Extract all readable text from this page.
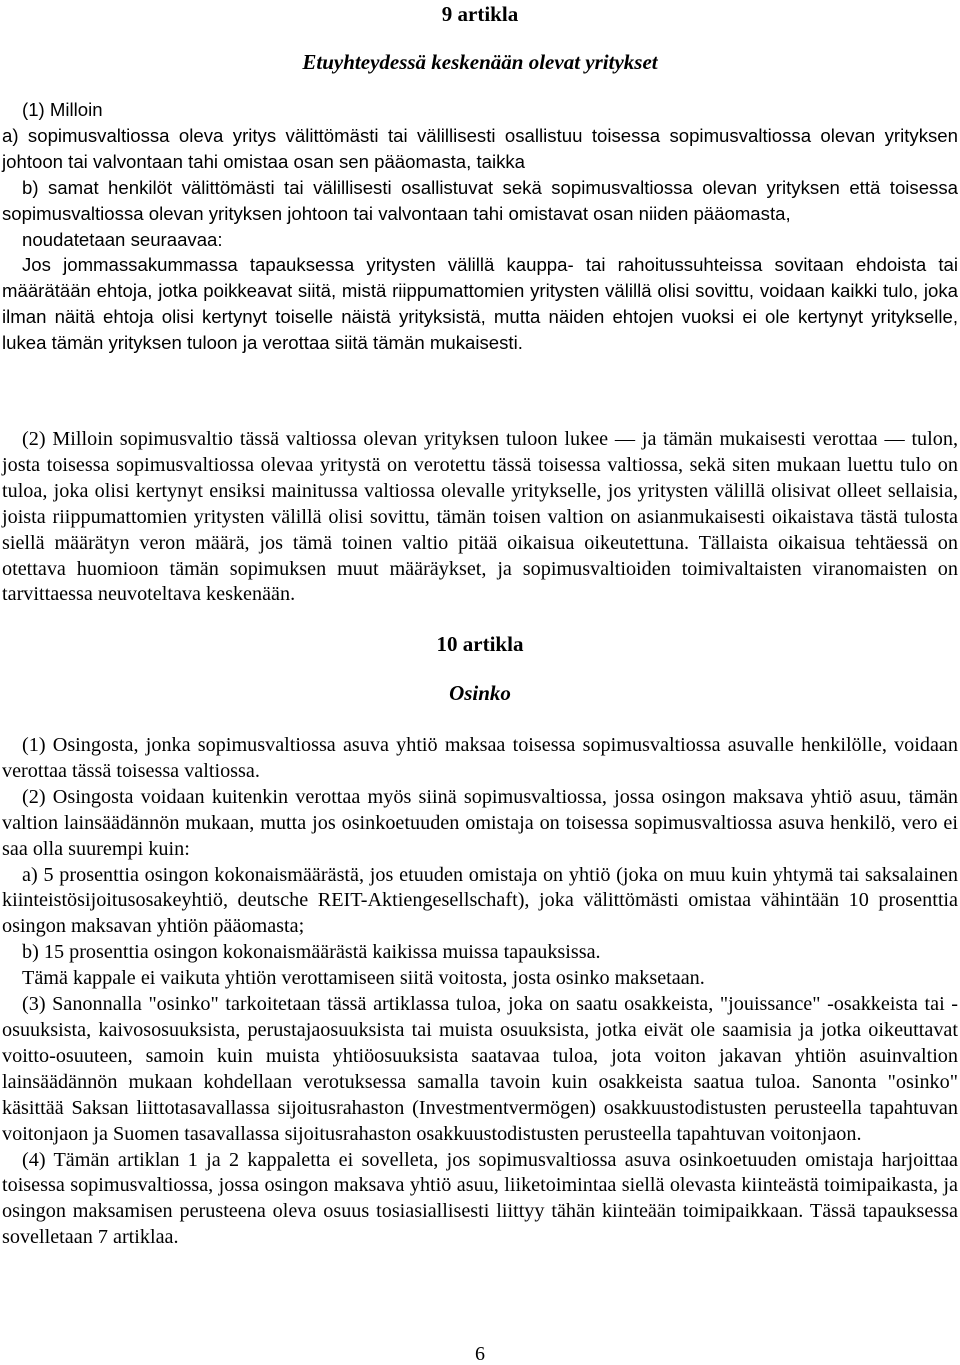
9 artikla
Etuyhteydessä keskenään olevat yritykset

(1) Milloin

a) sopimusvaltiossa oleva yritys välittömästi tai välillisesti osallistuu toisessa sopimusvaltiossa olevan yrityksen johtoon tai valvontaan tahi omistaa osan sen pääomasta, taikka

b) samat henkilöt välittömästi tai välillisesti osallistuvat sekä sopimusvaltiossa olevan yrityksen että toisessa sopimusvaltiossa olevan yrityksen johtoon tai valvontaan tahi omistavat osan niiden pääomasta,

noudatetaan seuraavaa:

Jos jommassakummassa tapauksessa yritysten välillä kauppa- tai rahoitussuhteissa sovitaan ehdoista tai määrätään ehtoja, jotka poikkeavat siitä, mistä riippumattomien yritysten välillä olisi sovittu, voidaan kaikki tulo, joka ilman näitä ehtoja olisi kertynyt toiselle näistä yrityksistä, mutta näiden ehtojen vuoksi ei ole kertynyt yritykselle, lukea tämän yrityksen tuloon ja verottaa siitä tämän mukaisesti.

(2) Milloin sopimusvaltio tässä valtiossa olevan yrityksen tuloon lukee — ja tämän mukaisesti verottaa — tulon, josta toisessa sopimusvaltiossa olevaa yritystä on verotettu tässä toisessa valtiossa, sekä siten mukaan luettu tulo on tuloa, joka olisi kertynyt ensiksi mainitussa valtiossa olevalle yritykselle, jos yritysten välillä olisivat olleet sellaisia, joista riippumattomien yritysten välillä olisi sovittu, tämän toisen valtion on asianmukaisesti oikaistava tästä tulosta siellä määrätyn veron määrä, jos tämä toinen valtio pitää oikaisua oikeutettuna. Tällaista oikaisua tehtäessä on otettava huomioon tämän sopimuksen muut määräykset, ja sopimusvaltioiden toimivaltaisten viranomaisten on tarvittaessa neuvoteltava keskenään.

10 artikla
Osinko

(1) Osingosta, jonka sopimusvaltiossa asuva yhtiö maksaa toisessa sopimusvaltiossa asuvalle henkilölle, voidaan verottaa tässä toisessa valtiossa.

(2) Osingosta voidaan kuitenkin verottaa myös siinä sopimusvaltiossa, jossa osingon maksava yhtiö asuu, tämän valtion lainsäädännön mukaan, mutta jos osinkoetuuden omistaja on toisessa sopimusvaltiossa asuva henkilö, vero ei saa olla suurempi kuin:

a) 5 prosenttia osingon kokonaismäärästä, jos etuuden omistaja on yhtiö (joka on muu kuin yhtymä tai saksalainen kiinteistösijoitusosakeyhtiö, deutsche REIT-Aktiengesellschaft), joka välittömästi omistaa vähintään 10 prosenttia osingon maksavan yhtiön pääomasta;

b) 15 prosenttia osingon kokonaismäärästä kaikissa muissa tapauksissa.

Tämä kappale ei vaikuta yhtiön verottamiseen siitä voitosta, josta osinko maksetaan.

(3) Sanonnalla "osinko" tarkoitetaan tässä artiklassa tuloa, joka on saatu osakkeista, "jouissance" -osakkeista tai -osuuksista, kaivososuuksista, perustajaosuuksista tai muista osuuksista, jotka eivät ole saamisia ja jotka oikeuttavat voitto-osuuteen, samoin kuin muista yhtiöosuuksista saatavaa tuloa, jota voiton jakavan yhtiön asuinvaltion lainsäädännön mukaan kohdellaan verotuksessa samalla tavoin kuin osakkeista saatua tuloa. Sanonta "osinko" käsittää Saksan liittotasavallassa sijoitusrahaston (Investmentvermögen) osakkuustodistusten perusteella tapahtuvan voitonjaon ja Suomen tasavallassa sijoitusrahaston osakkuustodistusten perusteella tapahtuvan voitonjaon.

(4) Tämän artiklan 1 ja 2 kappaletta ei sovelleta, jos sopimusvaltiossa asuva osinkoetuuden omistaja harjoittaa toisessa sopimusvaltiossa, jossa osingon maksava yhtiö asuu, liiketoimintaa siellä olevasta kiinteästä toimipaikasta, ja osingon maksamisen perusteena oleva osuus tosiasiallisesti liittyy tähän kiinteään toimipaikkaan. Tässä tapauksessa sovelletaan 7 artiklaa.

6
